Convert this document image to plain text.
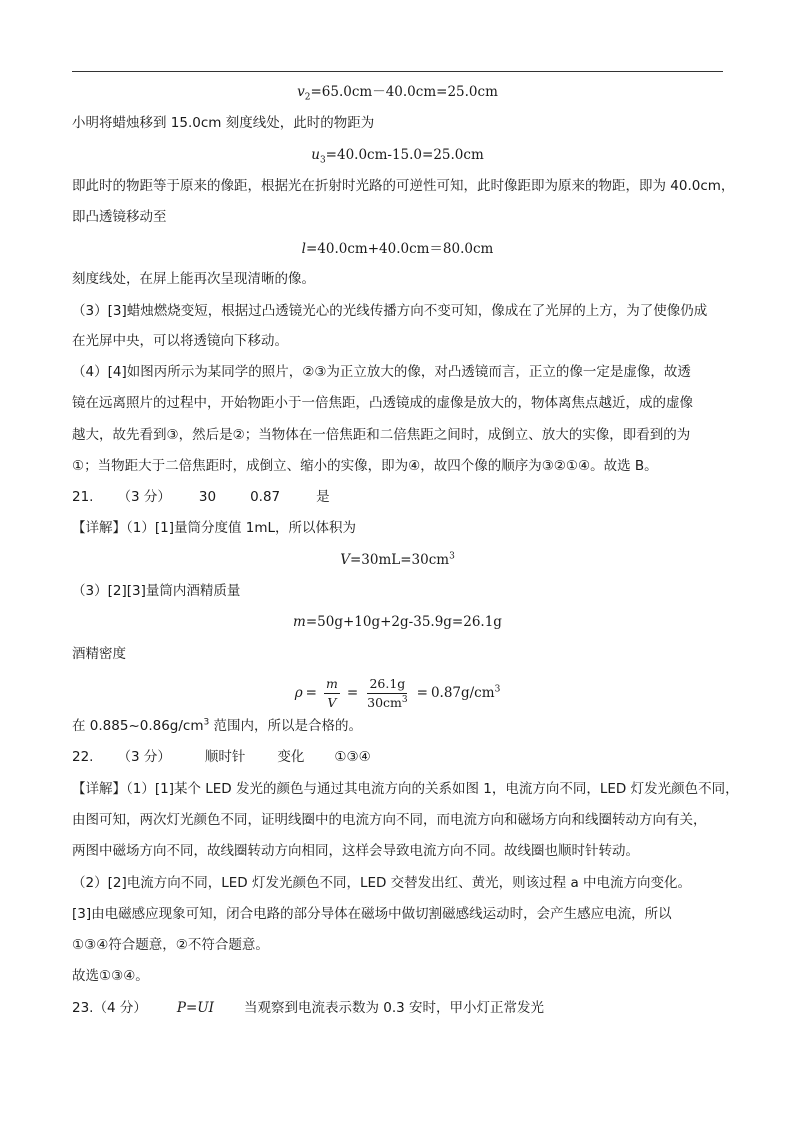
$v_2=65.0cm-40.0cm=25.0cm$
小明将蜡烛移到 15.0cm 刻度线处，此时的物距为
$u_3=40.0cm-15.0=25.0cm$
即此时的物距等于原来的像距，根据光在折射时光路的可逆性可知，此时像距即为原来的物距，即为 40.0cm，
即凸透镜移动至
l=40.0cm+40.0cm＝80.0cm
刻度线处，在屏上能再次呈现清晰的像。
（3）[3]蜡烛燃烧变短，根据过凸透镜光心的光线传播方向不变可知，像成在了光屏的上方，为了使像仍成
在光屏中央，可以将透镜向下移动。
（4）[4]如图丙所示为某同学的照片，②③为正立放大的像，对凸透镜而言，正立的像一定是虚像，故透
镜在远离照片的过程中，开始物距小于一倍焦距，凸透镜成的虚像是放大的，物体离焦点越近，成的虚像
越大，故先看到③，然后是②；当物体在一倍焦距和二倍焦距之间时，成倒立、放大的实像，即看到的为
①；当物距大于二倍焦距时，成倒立、缩小的实像，即为④，故四个像的顺序为③②①④。故选 B。
21. （3 分） 30	0.87	是
【详解】（1）[1]量筒分度值 1mL，所以体积为
$V=30mL=30cm^3$
（3）[2][3]量筒内酒精质量
m=50g+10g+2g-35.9g=26.1g
酒精密度
$\rho = \frac{m}{V} = \frac{26.1g}{30cm^3} = 0.87g/cm^3$
在 $0.885\sim 0.86g/cm^3$ 范围内，所以是合格的。
22. （3 分）	顺时针 变化 ①③④
【详解】（1）[1]某个 LED 发光的颜色与通过其电流方向的关系如图 1，电流方向不同，LED 灯发光颜色不同，
由图可知，两次灯光颜色不同，证明线圈中的电流方向不同，而电流方向和磁场方向和线圈转动方向有关，
两图中磁场方向不同，故线圈转动方向相同，这样会导致电流方向不同。故线圈也顺时针转动。
（2）[2]电流方向不同，LED 灯发光颜色不同，LED 交替发出红、黄光，则该过程 a 中电流方向变化。
[3]由电磁感应现象可知，闭合电路的部分导体在磁场中做切割磁感线运动时，会产生感应电流，所以
①③④符合题意，②不符合题意。
故选①③④。
23.（4 分） P=UI 当观察到电流表示数为 0.3 安时，甲小灯正常发光
